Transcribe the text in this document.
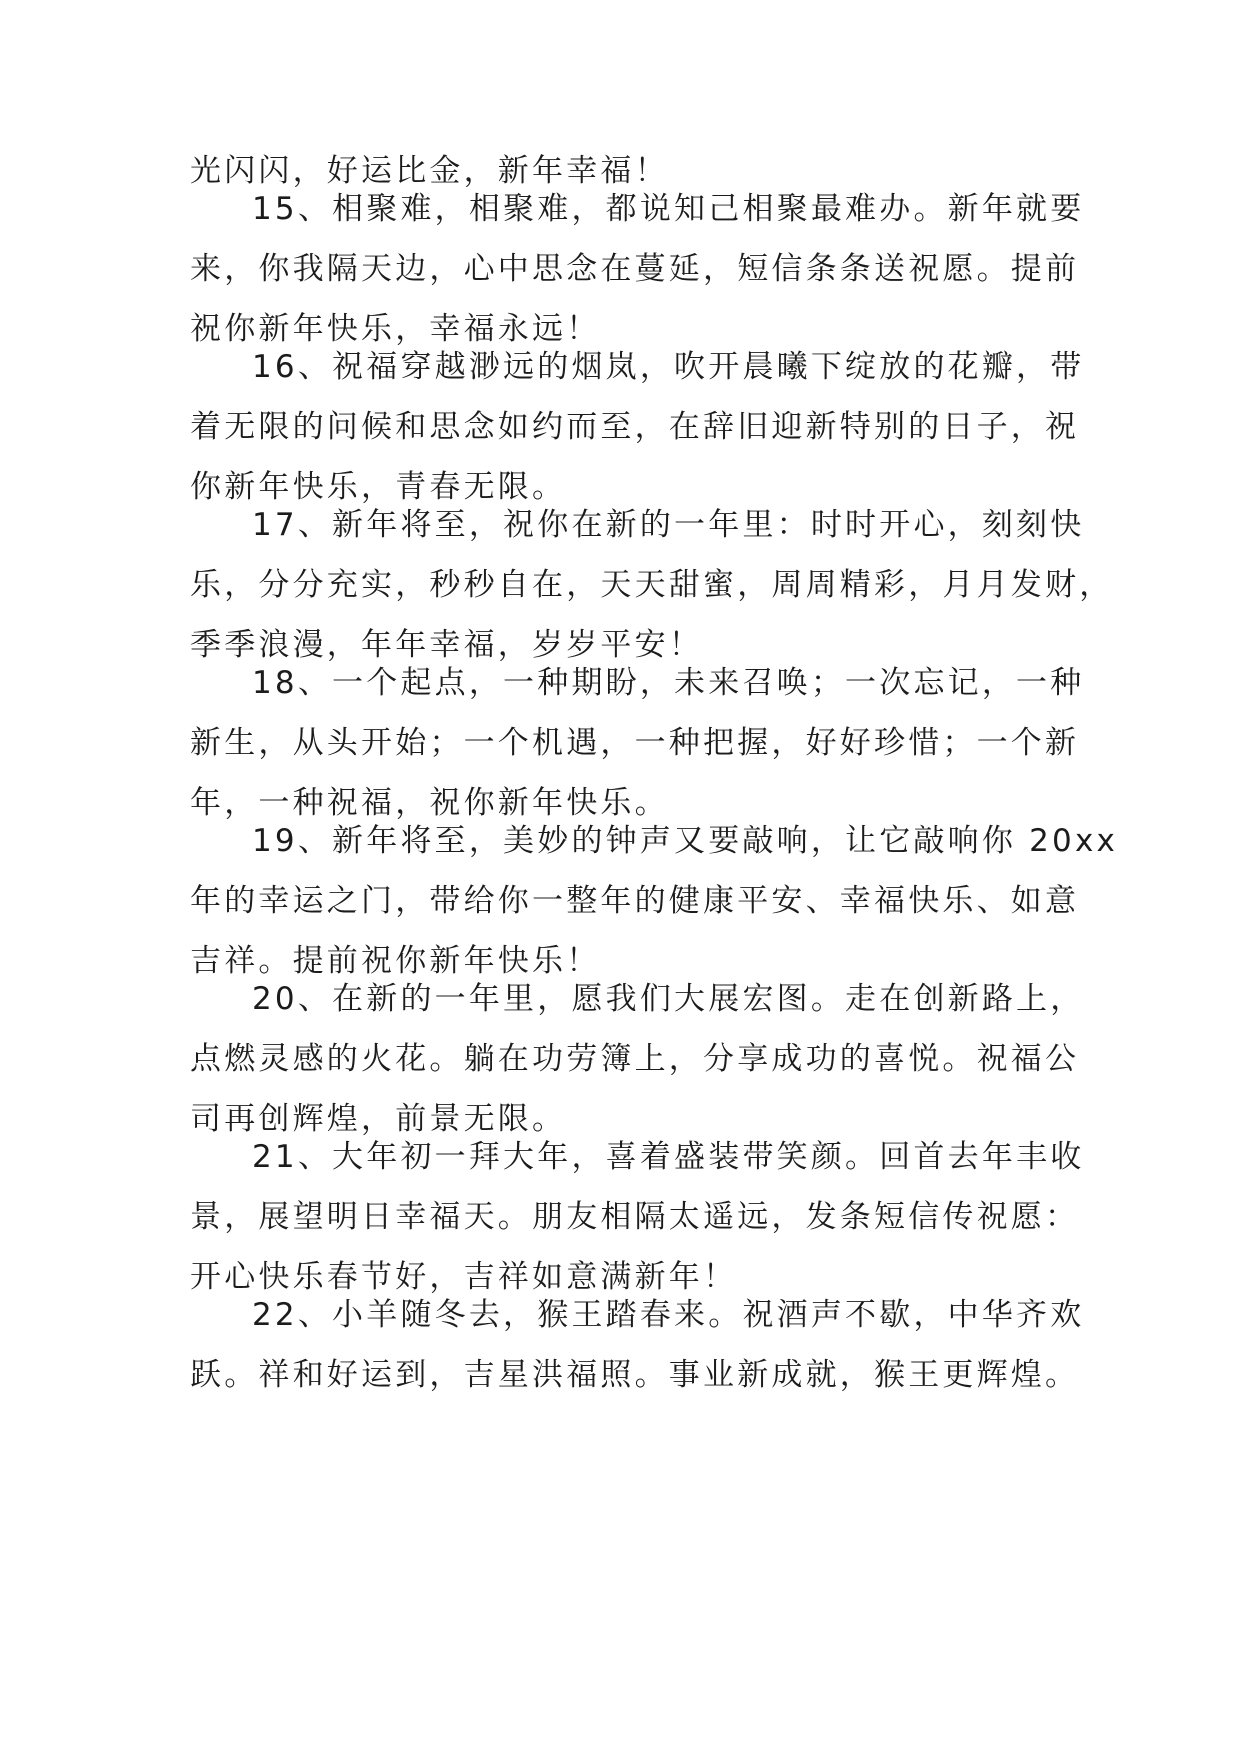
光闪闪，好运比金，新年幸福！
15、相聚难，相聚难，都说知己相聚最难办。新年就要
来，你我隔天边，心中思念在蔓延，短信条条送祝愿。提前
祝你新年快乐，幸福永远！
16、祝福穿越渺远的烟岚，吹开晨曦下绽放的花瓣，带
着无限的问候和思念如约而至，在辞旧迎新特别的日子，祝
你新年快乐，青春无限。
17、新年将至，祝你在新的一年里：时时开心，刻刻快
乐，分分充实，秒秒自在，天天甜蜜，周周精彩，月月发财，
季季浪漫，年年幸福，岁岁平安！
18、一个起点，一种期盼，未来召唤；一次忘记，一种
新生，从头开始；一个机遇，一种把握，好好珍惜；一个新
年，一种祝福，祝你新年快乐。
19、新年将至，美妙的钟声又要敲响，让它敲响你 20xx
年的幸运之门，带给你一整年的健康平安、幸福快乐、如意
吉祥。提前祝你新年快乐！
20、在新的一年里，愿我们大展宏图。走在创新路上，
点燃灵感的火花。躺在功劳簿上，分享成功的喜悦。祝福公
司再创辉煌，前景无限。
21、大年初一拜大年，喜着盛装带笑颜。回首去年丰收
景，展望明日幸福天。朋友相隔太遥远，发条短信传祝愿：
开心快乐春节好，吉祥如意满新年！
22、小羊随冬去，猴王踏春来。祝酒声不歇，中华齐欢
跃。祥和好运到，吉星洪福照。事业新成就，猴王更辉煌。
